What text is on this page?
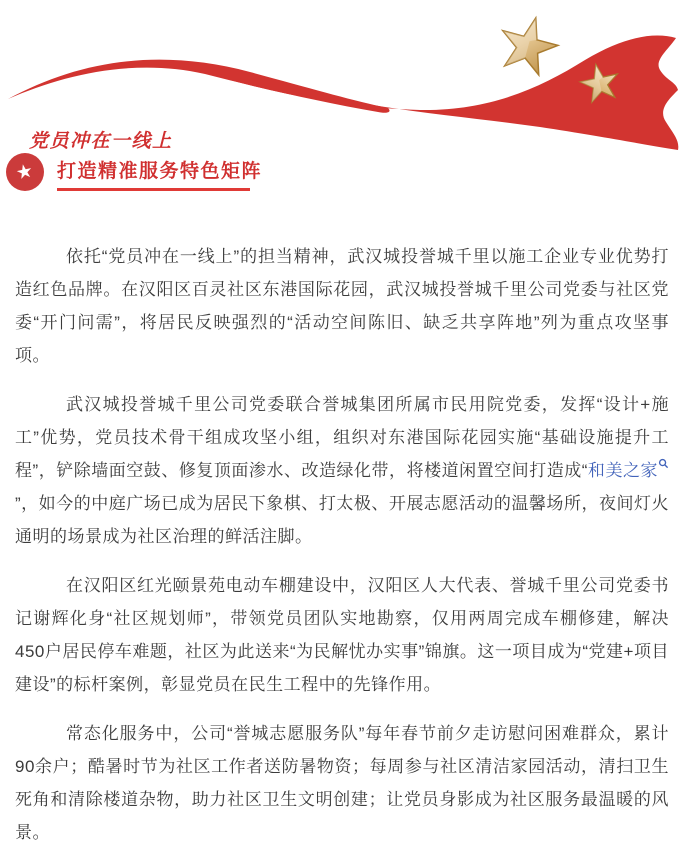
党员冲在一线上
★ 打造精准服务特色矩阵

依托“党员冲在一线上”的担当精神，武汉城投誉城千里以施工企业专业优势打造红色品牌。在汉阳区百灵社区东港国际花园，武汉城投誉城千里公司党委与社区党委“开门问需”，将居民反映强烈的“活动空间陈旧、缺乏共享阵地”列为重点攻坚事项。

武汉城投誉城千里公司党委联合誉城集团所属市民用院党委，发挥“设计+施工”优势，党员技术骨干组成攻坚小组，组织对东港国际花园实施“基础设施提升工程”，铲除墙面空鼓、修复顶面渗水、改造绿化带，将楼道闲置空间打造成“和美之家”，如今的中庭广场已成为居民下象棋、打太极、开展志愿活动的温馨场所，夜间灯火通明的场景成为社区治理的鲜活注脚。

在汉阳区红光颐景苑电动车棚建设中，汉阳区人大代表、誉城千里公司党委书记谢辉化身“社区规划师”，带领党员团队实地勘察，仅用两周完成车棚修建，解决450户居民停车难题，社区为此送来“为民解忧办实事”锦旗。这一项目成为“党建+项目建设”的标杆案例，彰显党员在民生工程中的先锋作用。

常态化服务中，公司“誉城志愿服务队”每年春节前夕走访慰问困难群众，累计90余户；酷暑时节为社区工作者送防暑物资；每周参与社区清洁家园活动，清扫卫生死角和清除楼道杂物，助力社区卫生文明创建；让党员身影成为社区服务最温暖的风景。
